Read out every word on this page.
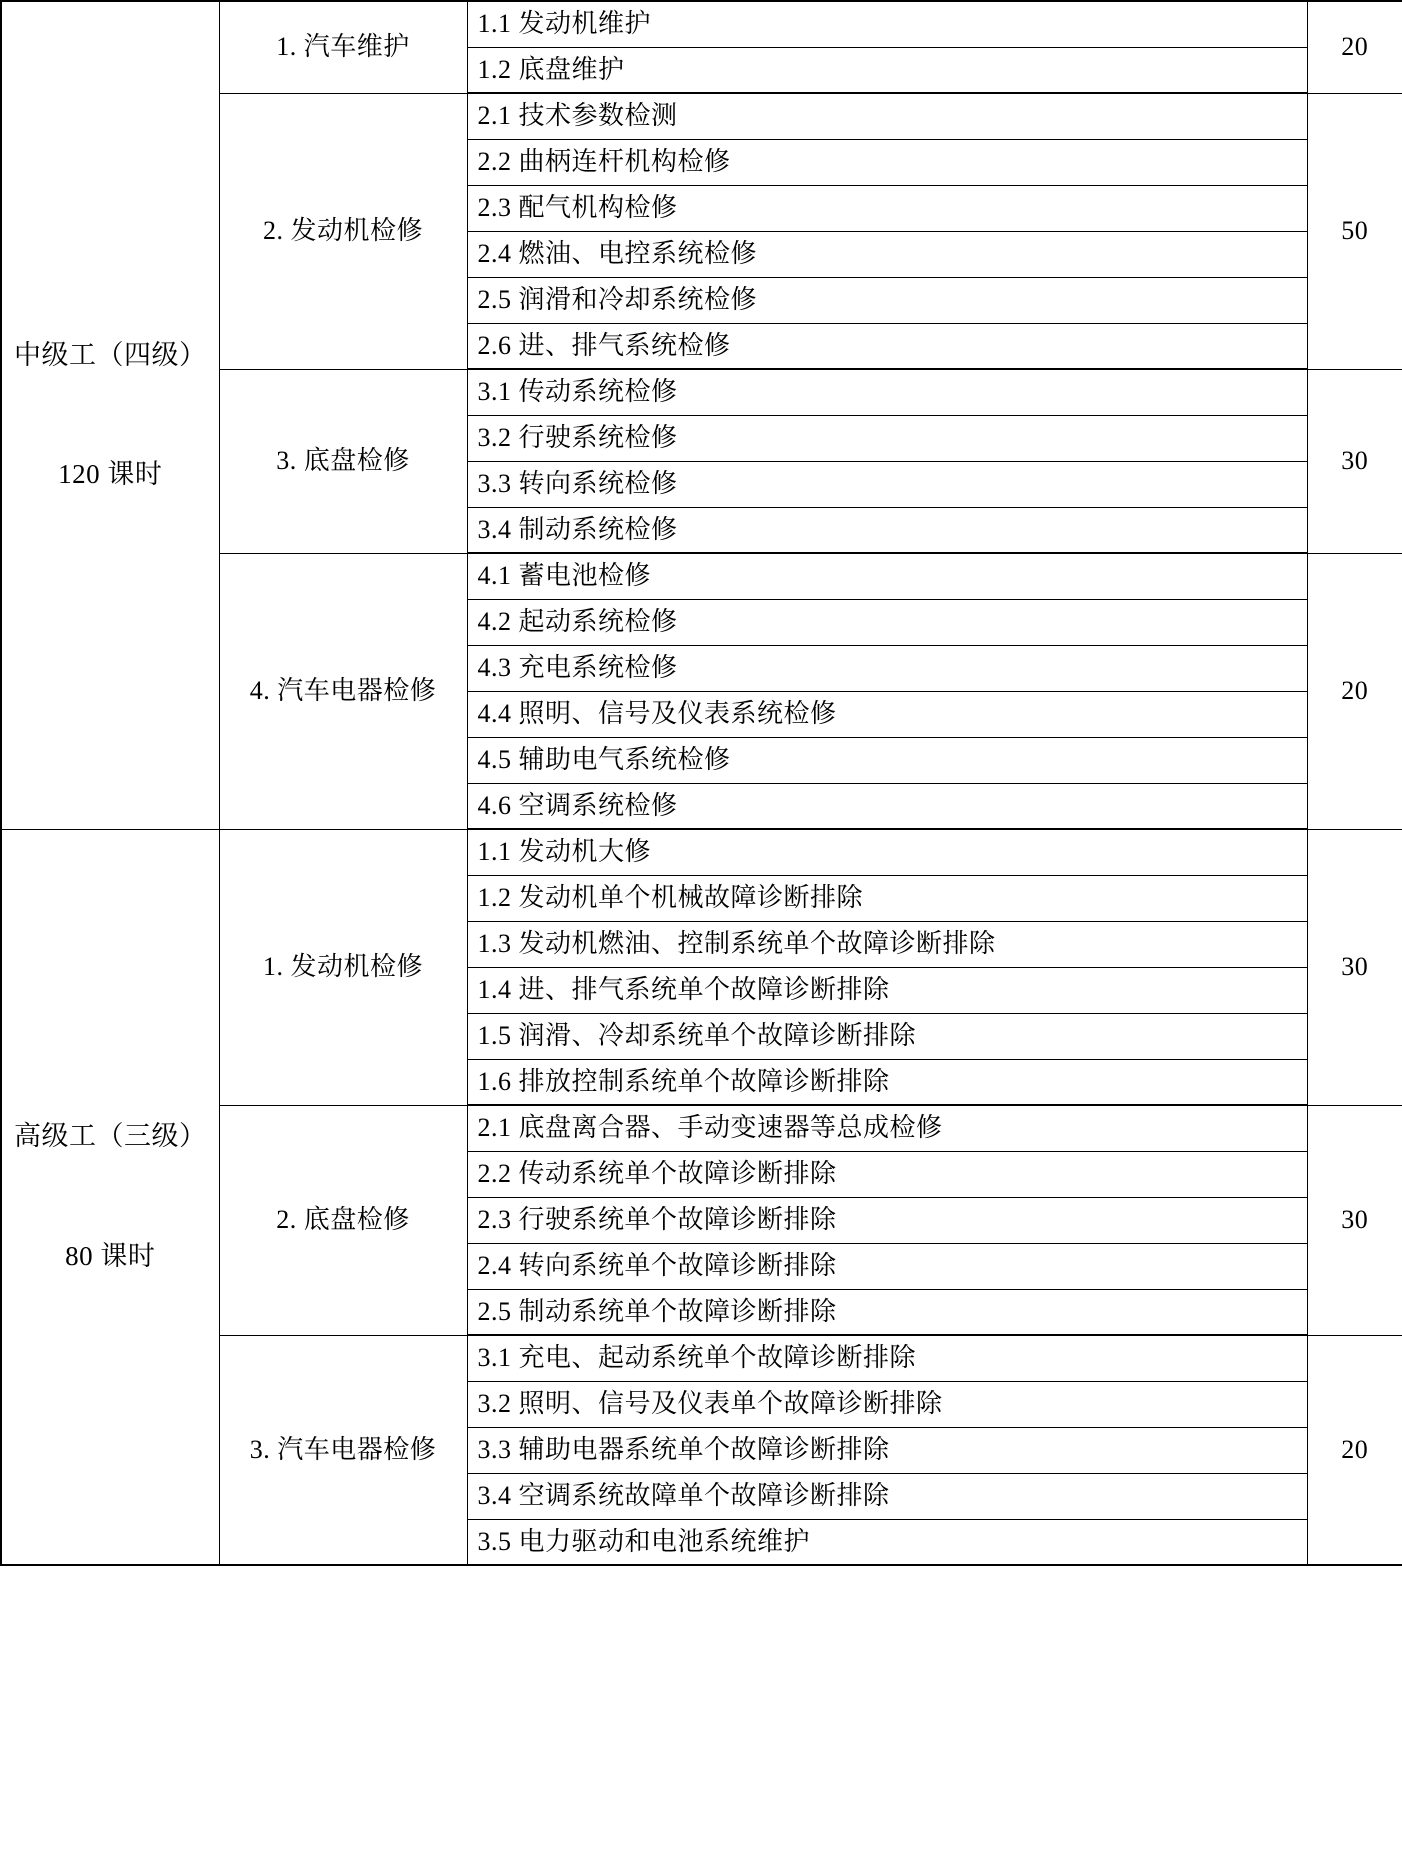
中级工（四级）
120 课时	1. 汽车维护	1.1 发动机维护	20
		1.2 底盘维护	
	2. 发动机检修	2.1 技术参数检测	50
		2.2 曲柄连杆机构检修	
		2.3 配气机构检修	
		2.4 燃油、电控系统检修	
		2.5 润滑和冷却系统检修	
		2.6 进、排气系统检修	
	3. 底盘检修	3.1 传动系统检修	30
		3.2 行驶系统检修	
		3.3 转向系统检修	
		3.4 制动系统检修	
	4. 汽车电器检修	4.1 蓄电池检修	20
		4.2 起动系统检修	
		4.3 充电系统检修	
		4.4 照明、信号及仪表系统检修	
		4.5 辅助电气系统检修	
		4.6 空调系统检修	

高级工（三级）
80 课时	1. 发动机检修	1.1 发动机大修	30
		1.2 发动机单个机械故障诊断排除	
		1.3 发动机燃油、控制系统单个故障诊断排除	
		1.4 进、排气系统单个故障诊断排除	
		1.5 润滑、冷却系统单个故障诊断排除	
		1.6 排放控制系统单个故障诊断排除	
	2. 底盘检修	2.1 底盘离合器、手动变速器等总成检修	30
		2.2 传动系统单个故障诊断排除	
		2.3 行驶系统单个故障诊断排除	
		2.4 转向系统单个故障诊断排除	
		2.5 制动系统单个故障诊断排除	
	3. 汽车电器检修	3.1 充电、起动系统单个故障诊断排除	20
		3.2 照明、信号及仪表单个故障诊断排除	
		3.3 辅助电器系统单个故障诊断排除	
		3.4 空调系统故障单个故障诊断排除	
		3.5 电力驱动和电池系统维护	
